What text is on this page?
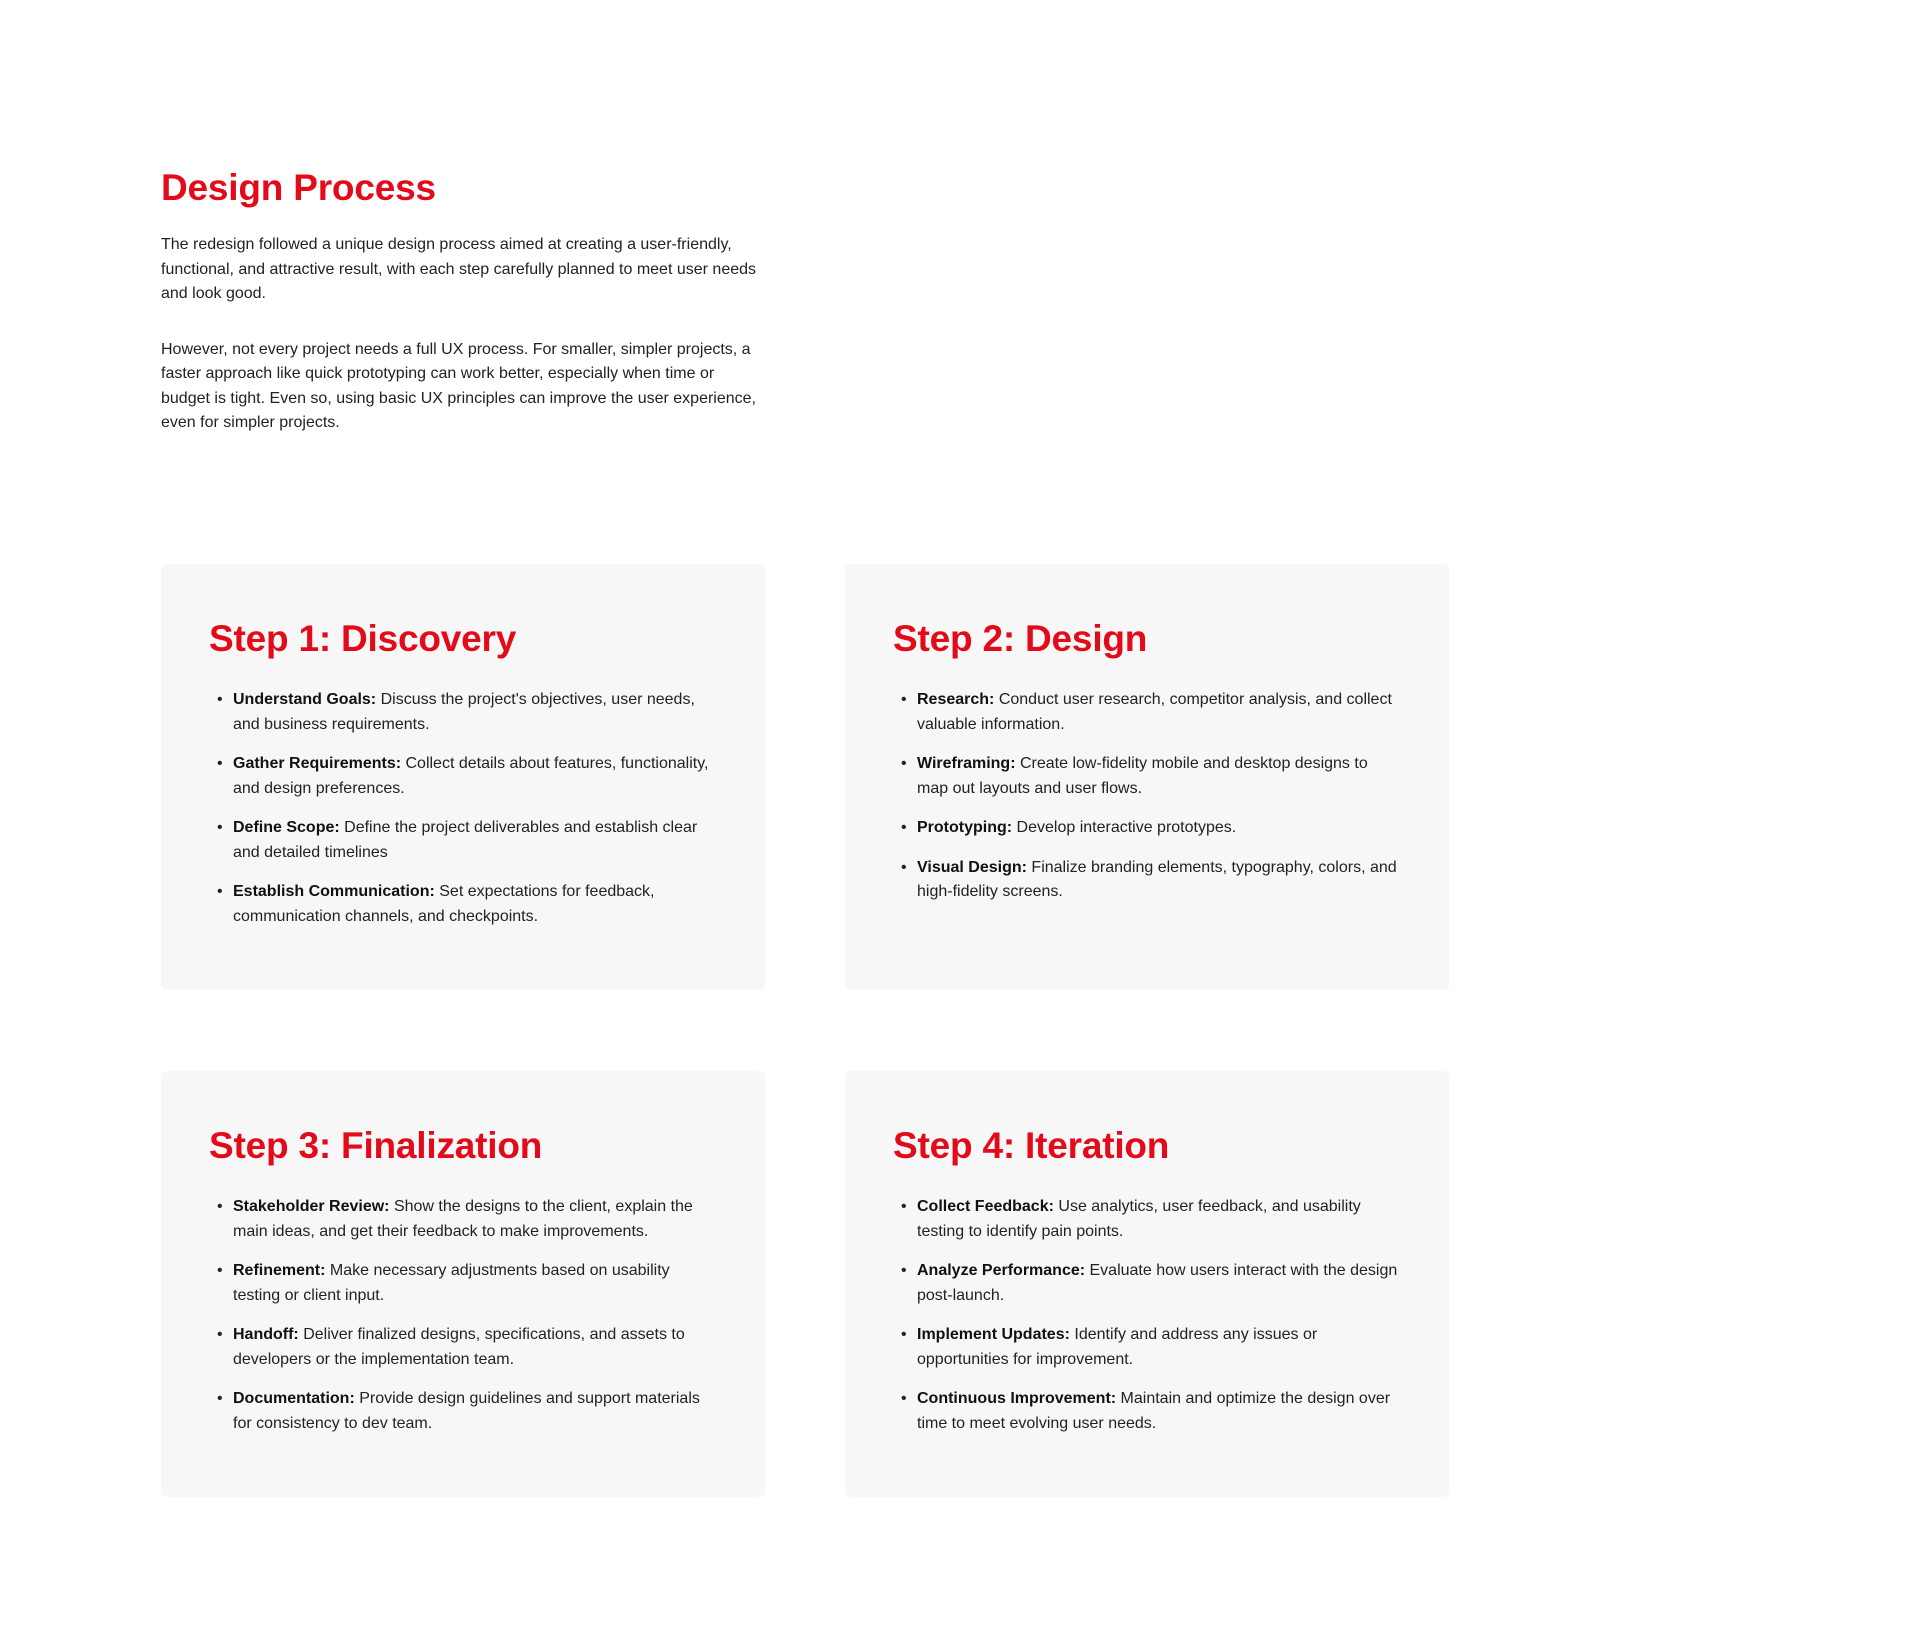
Design Process

The redesign followed a unique design process aimed at creating a user-friendly, functional, and attractive result, with each step carefully planned to meet user needs and look good.

However, not every project needs a full UX process. For smaller, simpler projects, a faster approach like quick prototyping can work better, especially when time or budget is tight. Even so, using basic UX principles can improve the user experience, even for simpler projects.

Step 1: Discovery
• Understand Goals: Discuss the project's objectives, user needs, and business requirements.
• Gather Requirements: Collect details about features, functionality, and design preferences.
• Define Scope: Define the project deliverables and establish clear and detailed timelines
• Establish Communication: Set expectations for feedback, communication channels, and checkpoints.
Step 2: Design
• Research: Conduct user research, competitor analysis, and collect valuable information.
• Wireframing: Create low-fidelity mobile and desktop designs to map out layouts and user flows.
• Prototyping: Develop interactive prototypes.
• Visual Design: Finalize branding elements, typography, colors, and high-fidelity screens.
Step 3: Finalization
• Stakeholder Review: Show the designs to the client, explain the main ideas, and get their feedback to make improvements.
• Refinement: Make necessary adjustments based on usability testing or client input.
• Handoff: Deliver finalized designs, specifications, and assets to developers or the implementation team.
• Documentation: Provide design guidelines and support materials for consistency to dev team.
Step 4: Iteration
• Collect Feedback: Use analytics, user feedback, and usability testing to identify pain points.
• Analyze Performance: Evaluate how users interact with the design post-launch.
• Implement Updates: Identify and address any issues or opportunities for improvement.
• Continuous Improvement: Maintain and optimize the design over time to meet evolving user needs.
